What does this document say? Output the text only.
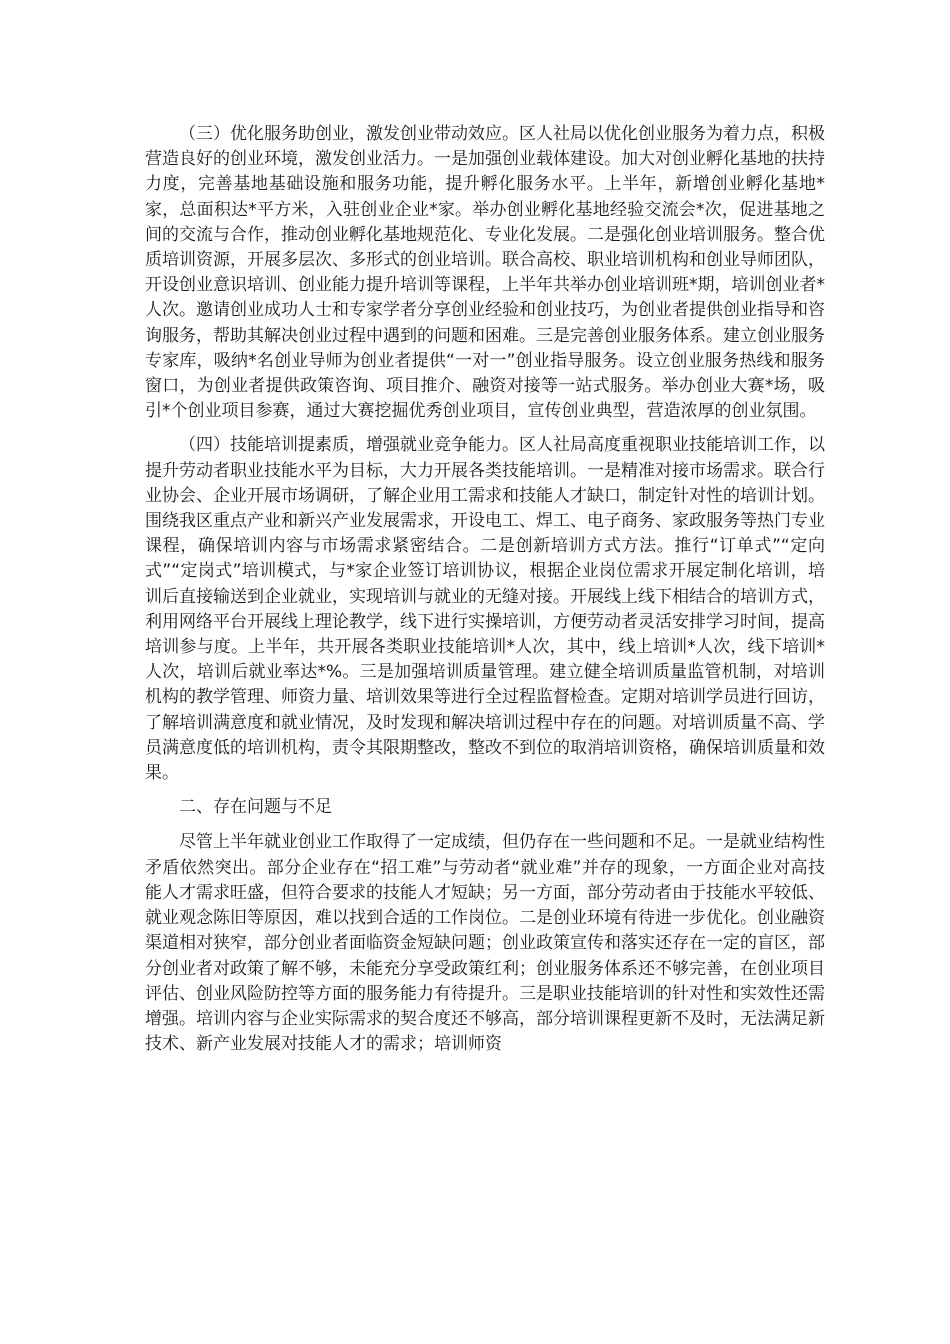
（三）优化服务助创业，激发创业带动效应。区人社局以优化创业服务为着力点，积极营造良好的创业环境，激发创业活力。一是加强创业载体建设。加大对创业孵化基地的扶持力度，完善基地基础设施和服务功能，提升孵化服务水平。上半年，新增创业孵化基地*家，总面积达*平方米，入驻创业企业*家。举办创业孵化基地经验交流会*次，促进基地之间的交流与合作，推动创业孵化基地规范化、专业化发展。二是强化创业培训服务。整合优质培训资源，开展多层次、多形式的创业培训。联合高校、职业培训机构和创业导师团队，开设创业意识培训、创业能力提升培训等课程，上半年共举办创业培训班*期，培训创业者*人次。邀请创业成功人士和专家学者分享创业经验和创业技巧，为创业者提供创业指导和咨询服务，帮助其解决创业过程中遇到的问题和困难。三是完善创业服务体系。建立创业服务专家库，吸纳*名创业导师为创业者提供“一对一”创业指导服务。设立创业服务热线和服务窗口，为创业者提供政策咨询、项目推介、融资对接等一站式服务。举办创业大赛*场，吸引*个创业项目参赛，通过大赛挖掘优秀创业项目，宣传创业典型，营造浓厚的创业氛围。

（四）技能培训提素质，增强就业竞争能力。区人社局高度重视职业技能培训工作，以提升劳动者职业技能水平为目标，大力开展各类技能培训。一是精准对接市场需求。联合行业协会、企业开展市场调研，了解企业用工需求和技能人才缺口，制定针对性的培训计划。围绕我区重点产业和新兴产业发展需求，开设电工、焊工、电子商务、家政服务等热门专业课程，确保培训内容与市场需求紧密结合。二是创新培训方式方法。推行“订单式”“定向式”“定岗式”培训模式，与*家企业签订培训协议，根据企业岗位需求开展定制化培训，培训后直接输送到企业就业，实现培训与就业的无缝对接。开展线上线下相结合的培训方式，利用网络平台开展线上理论教学，线下进行实操培训，方便劳动者灵活安排学习时间，提高培训参与度。上半年，共开展各类职业技能培训*人次，其中，线上培训*人次，线下培训*人次，培训后就业率达*%。三是加强培训质量管理。建立健全培训质量监管机制，对培训机构的教学管理、师资力量、培训效果等进行全过程监督检查。定期对培训学员进行回访，了解培训满意度和就业情况，及时发现和解决培训过程中存在的问题。对培训质量不高、学员满意度低的培训机构，责令其限期整改，整改不到位的取消培训资格，确保培训质量和效果。

二、存在问题与不足

尽管上半年就业创业工作取得了一定成绩，但仍存在一些问题和不足。一是就业结构性矛盾依然突出。部分企业存在“招工难”与劳动者“就业难”并存的现象，一方面企业对高技能人才需求旺盛，但符合要求的技能人才短缺；另一方面，部分劳动者由于技能水平较低、就业观念陈旧等原因，难以找到合适的工作岗位。二是创业环境有待进一步优化。创业融资渠道相对狭窄，部分创业者面临资金短缺问题；创业政策宣传和落实还存在一定的盲区，部分创业者对政策了解不够，未能充分享受政策红利；创业服务体系还不够完善，在创业项目评估、创业风险防控等方面的服务能力有待提升。三是职业技能培训的针对性和实效性还需增强。培训内容与企业实际需求的契合度还不够高，部分培训课程更新不及时，无法满足新技术、新产业发展对技能人才的需求；培训师资
